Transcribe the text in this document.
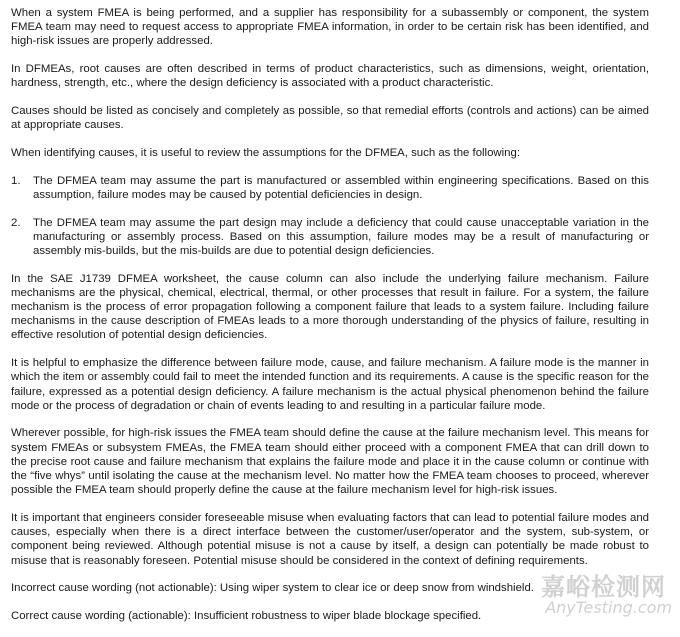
When a system FMEA is being performed, and a supplier has responsibility for a subassembly or component, the system FMEA team may need to request access to appropriate FMEA information, in order to be certain risk has been identified, and high-risk issues are properly addressed.

In DFMEAs, root causes are often described in terms of product characteristics, such as dimensions, weight, orientation, hardness, strength, etc., where the design deficiency is associated with a product characteristic.

Causes should be listed as concisely and completely as possible, so that remedial efforts (controls and actions) can be aimed at appropriate causes.

When identifying causes, it is useful to review the assumptions for the DFMEA, such as the following:

1.	The DFMEA team may assume the part is manufactured or assembled within engineering specifications. Based on this assumption, failure modes may be caused by potential deficiencies in design.
2.	The DFMEA team may assume the part design may include a deficiency that could cause unacceptable variation in the manufacturing or assembly process. Based on this assumption, failure modes may be a result of manufacturing or assembly mis-builds, but the mis-builds are due to potential design deficiencies.

In the SAE J1739 DFMEA worksheet, the cause column can also include the underlying failure mechanism. Failure mechanisms are the physical, chemical, electrical, thermal, or other processes that result in failure. For a system, the failure mechanism is the process of error propagation following a component failure that leads to a system failure. Including failure mechanisms in the cause description of FMEAs leads to a more thorough understanding of the physics of failure, resulting in effective resolution of potential design deficiencies.

It is helpful to emphasize the difference between failure mode, cause, and failure mechanism. A failure mode is the manner in which the item or assembly could fail to meet the intended function and its requirements. A cause is the specific reason for the failure, expressed as a potential design deficiency. A failure mechanism is the actual physical phenomenon behind the failure mode or the process of degradation or chain of events leading to and resulting in a particular failure mode.

Wherever possible, for high-risk issues the FMEA team should define the cause at the failure mechanism level. This means for system FMEAs or subsystem FMEAs, the FMEA team should either proceed with a component FMEA that can drill down to the precise root cause and failure mechanism that explains the failure mode and place it in the cause column or continue with the “five whys” until isolating the cause at the mechanism level. No matter how the FMEA team chooses to proceed, wherever possible the FMEA team should properly define the cause at the failure mechanism level for high-risk issues.

It is important that engineers consider foreseeable misuse when evaluating factors that can lead to potential failure modes and causes, especially when there is a direct interface between the customer/user/operator and the system, sub-system, or component being reviewed. Although potential misuse is not a cause by itself, a design can potentially be made robust to misuse that is reasonably foreseen. Potential misuse should be considered in the context of defining requirements.

Incorrect cause wording (not actionable): Using wiper system to clear ice or deep snow from windshield.

Correct cause wording (actionable): Insufficient robustness to wiper blade blockage specified.

嘉峪检测网
AnyTesting.com
